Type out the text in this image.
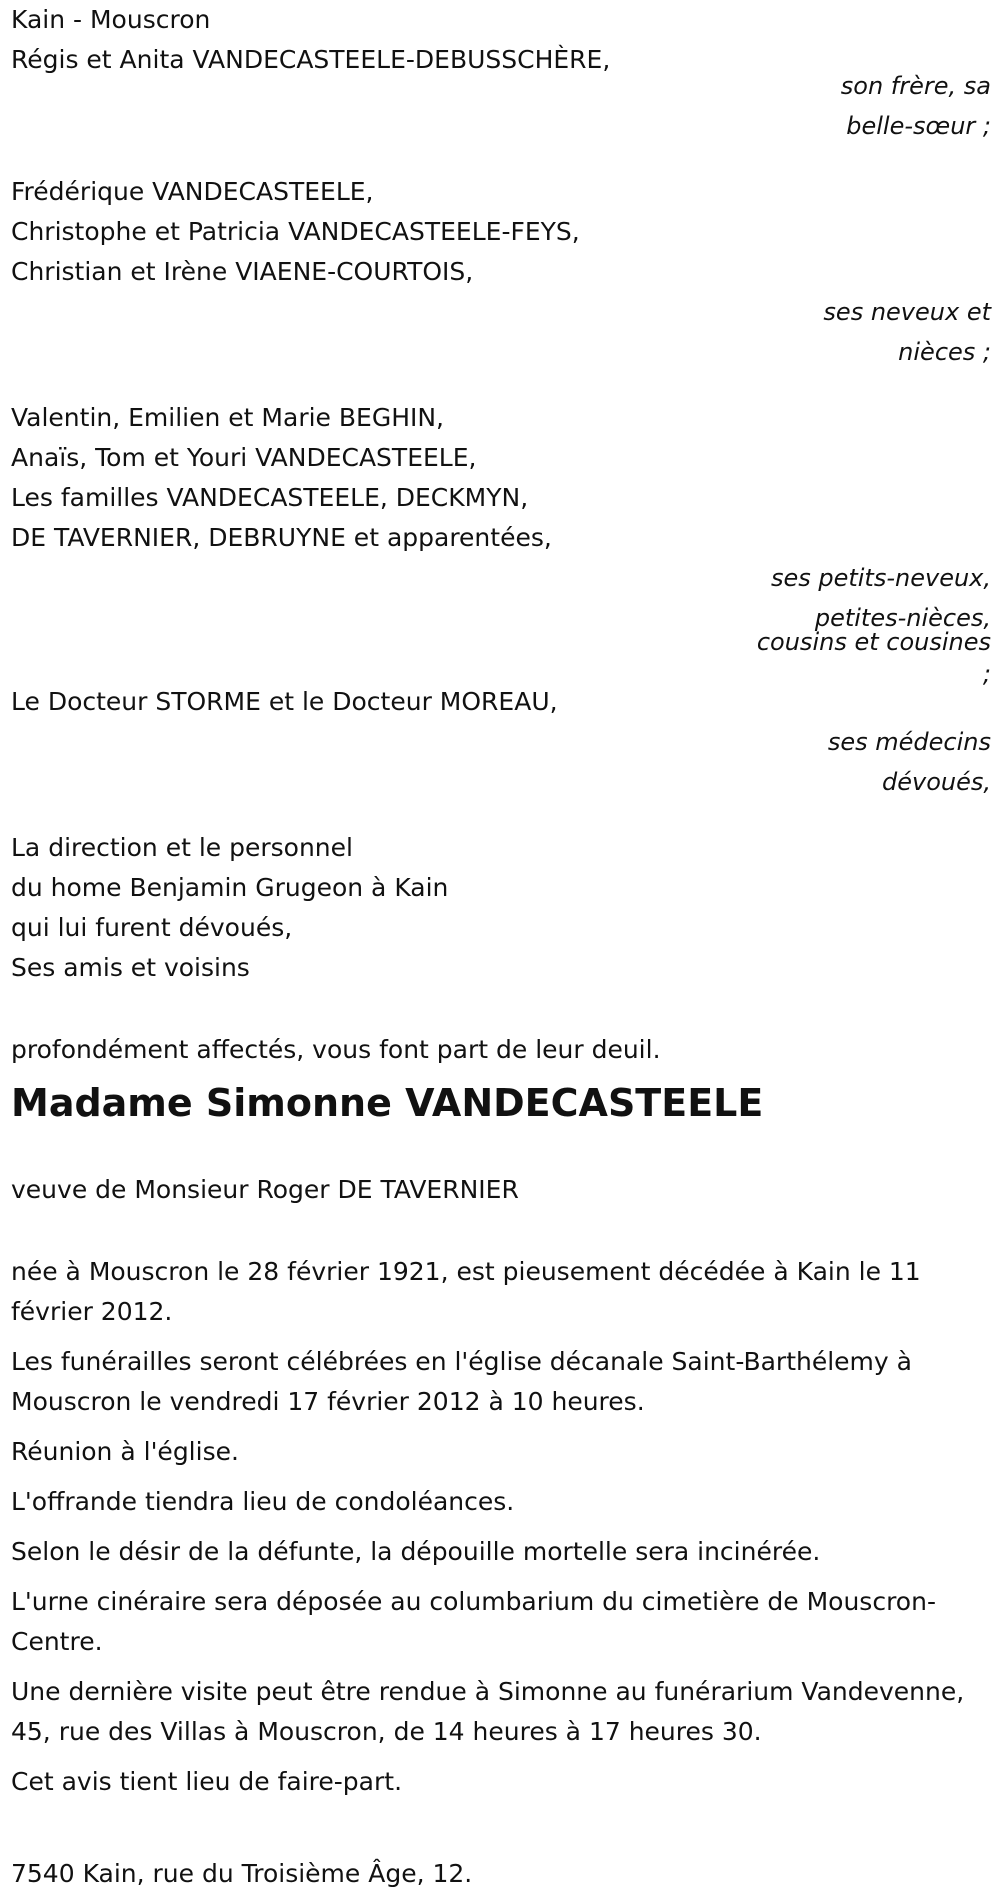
Kain - Mouscron
Régis et Anita VANDECASTEELE-DEBUSSCHÈRE,
son frère, sa
belle-sœur ;
Frédérique VANDECASTEELE,
Christophe et Patricia VANDECASTEELE-FEYS,
Christian et Irène VIAENE-COURTOIS,
ses neveux et
nièces ;
Valentin, Emilien et Marie BEGHIN,
Anaïs, Tom et Youri VANDECASTEELE,
Les familles VANDECASTEELE, DECKMYN,
DE TAVERNIER, DEBRUYNE et apparentées,
ses petits-neveux,
petites-nièces,
cousins et cousines
;
Le Docteur STORME et le Docteur MOREAU,
ses médecins
dévoués,
La direction et le personnel
du home Benjamin Grugeon à Kain
qui lui furent dévoués,
Ses amis et voisins
profondément affectés, vous font part de leur deuil.
Madame Simonne VANDECASTEELE
veuve de Monsieur Roger DE TAVERNIER
née à Mouscron le 28 février 1921, est pieusement décédée à Kain le 11 février 2012.
Les funérailles seront célébrées en l'église décanale Saint-Barthélemy à Mouscron le vendredi 17 février 2012 à 10 heures.
Réunion à l'église.
L'offrande tiendra lieu de condoléances.
Selon le désir de la défunte, la dépouille mortelle sera incinérée.
L'urne cinéraire sera déposée au columbarium du cimetière de Mouscron-Centre.
Une dernière visite peut être rendue à Simonne au funérarium Vandevenne, 45, rue des Villas à Mouscron, de 14 heures à 17 heures 30.
Cet avis tient lieu de faire-part.
7540 Kain, rue du Troisième Âge, 12.
